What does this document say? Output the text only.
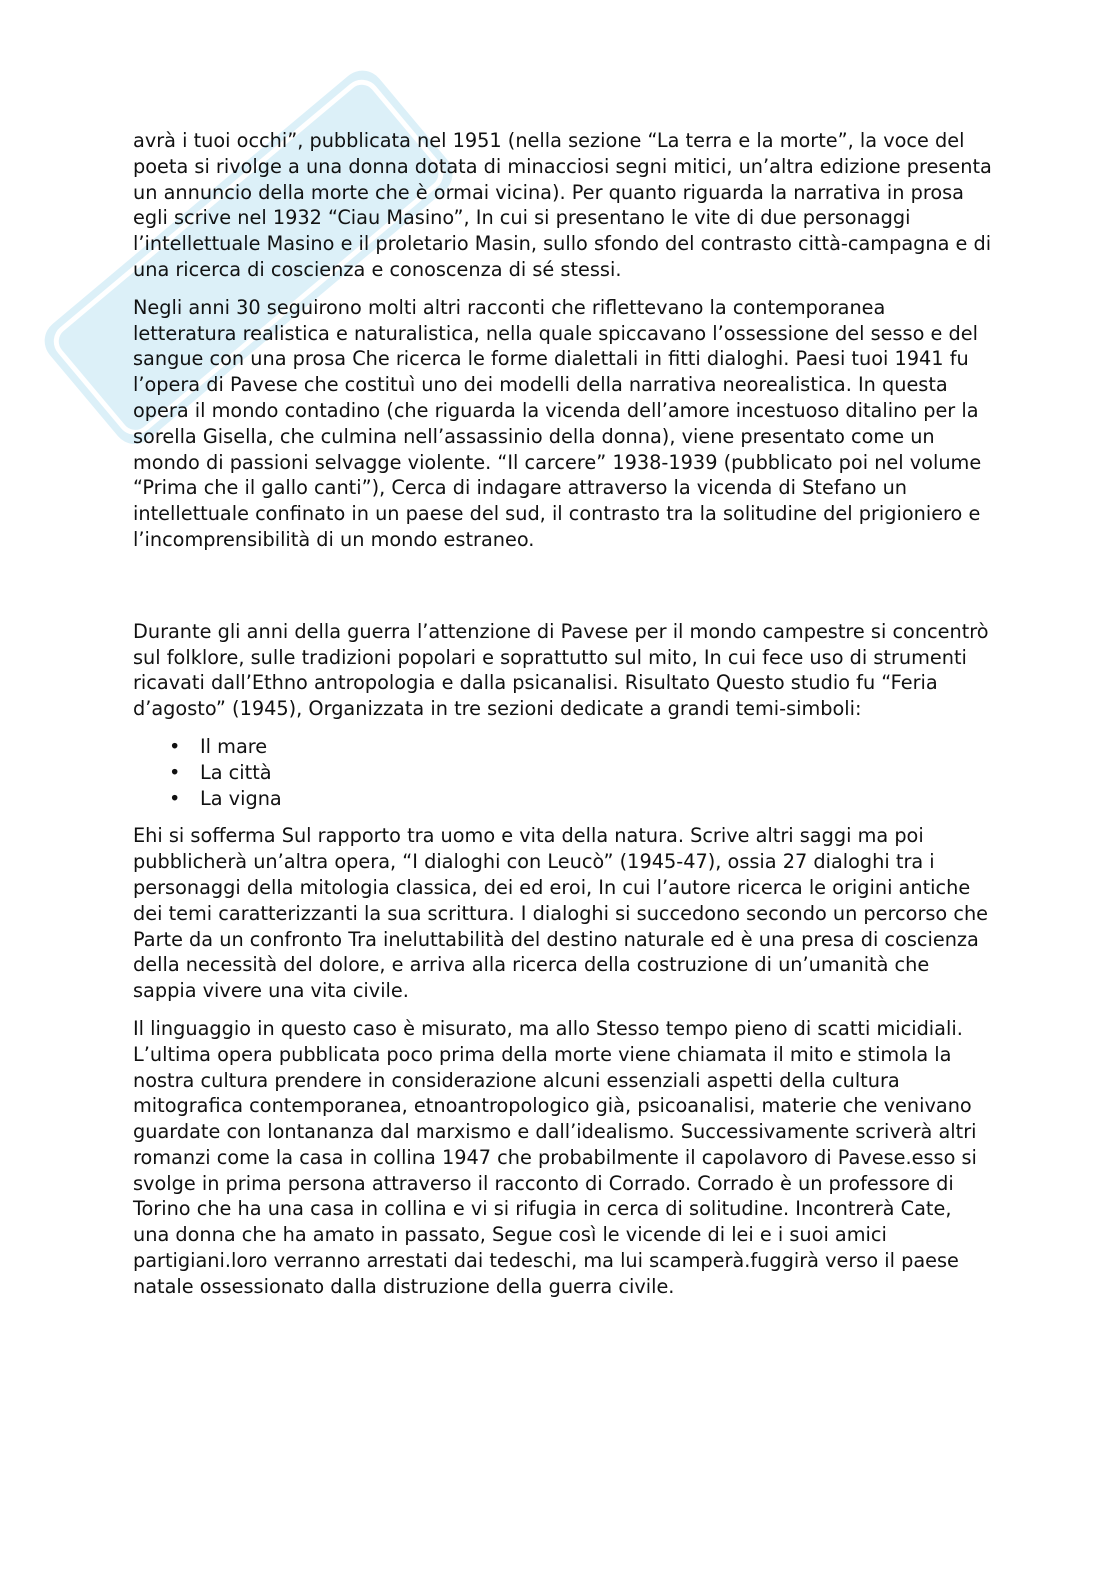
avrà i tuoi occhi”, pubblicata nel 1951 (nella sezione “La terra e la morte”, la voce del poeta si rivolge a una donna dotata di minacciosi segni mitici, un’altra edizione presenta un annuncio della morte che è ormai vicina). Per quanto riguarda la narrativa in prosa egli scrive nel 1932 “Ciau Masino”, In cui si presentano le vite di due personaggi l’intellettuale Masino e il proletario Masin, sullo sfondo del contrasto città-campagna e di una ricerca di coscienza e conoscenza di sé stessi.

Negli anni 30 seguirono molti altri racconti che riflettevano la contemporanea letteratura realistica e naturalistica, nella quale spiccavano l’ossessione del sesso e del sangue con una prosa Che ricerca le forme dialettali in fitti dialoghi. Paesi tuoi 1941 fu l’opera di Pavese che costituì uno dei modelli della narrativa neorealistica. In questa opera il mondo contadino (che riguarda la vicenda dell’amore incestuoso ditalino per la sorella Gisella, che culmina nell’assassinio della donna), viene presentato come un mondo di passioni selvagge violente. “Il carcere” 1938-1939 (pubblicato poi nel volume “Prima che il gallo canti”), Cerca di indagare attraverso la vicenda di Stefano un intellettuale confinato in un paese del sud, il contrasto tra la solitudine del prigioniero e l’incomprensibilità di un mondo estraneo.

Durante gli anni della guerra l’attenzione di Pavese per il mondo campestre si concentrò sul folklore, sulle tradizioni popolari e soprattutto sul mito, In cui fece uso di strumenti ricavati dall’Ethno antropologia e dalla psicanalisi. Risultato Questo studio fu “Feria d’agosto” (1945), Organizzata in tre sezioni dedicate a grandi temi-simboli:

• Il mare
• La città
• La vigna

Ehi si sofferma Sul rapporto tra uomo e vita della natura. Scrive altri saggi ma poi pubblicherà un’altra opera, “I dialoghi con Leucò” (1945-47), ossia 27 dialoghi tra i personaggi della mitologia classica, dei ed eroi, In cui l’autore ricerca le origini antiche dei temi caratterizzanti la sua scrittura. I dialoghi si succedono secondo un percorso che Parte da un confronto Tra ineluttabilità del destino naturale ed è una presa di coscienza della necessità del dolore, e arriva alla ricerca della costruzione di un’umanità che sappia vivere una vita civile.

Il linguaggio in questo caso è misurato, ma allo Stesso tempo pieno di scatti micidiali. L’ultima opera pubblicata poco prima della morte viene chiamata il mito e stimola la nostra cultura prendere in considerazione alcuni essenziali aspetti della cultura mitografica contemporanea, etnoantropologico già, psicoanalisi, materie che venivano guardate con lontananza dal marxismo e dall’idealismo. Successivamente scriverà altri romanzi come la casa in collina 1947 che probabilmente il capolavoro di Pavese.esso si svolge in prima persona attraverso il racconto di Corrado. Corrado è un professore di Torino che ha una casa in collina e vi si rifugia in cerca di solitudine. Incontrerà Cate, una donna che ha amato in passato, Segue così le vicende di lei e i suoi amici partigiani.loro verranno arrestati dai tedeschi, ma lui scamperà.fuggirà verso il paese natale ossessionato dalla distruzione della guerra civile.
